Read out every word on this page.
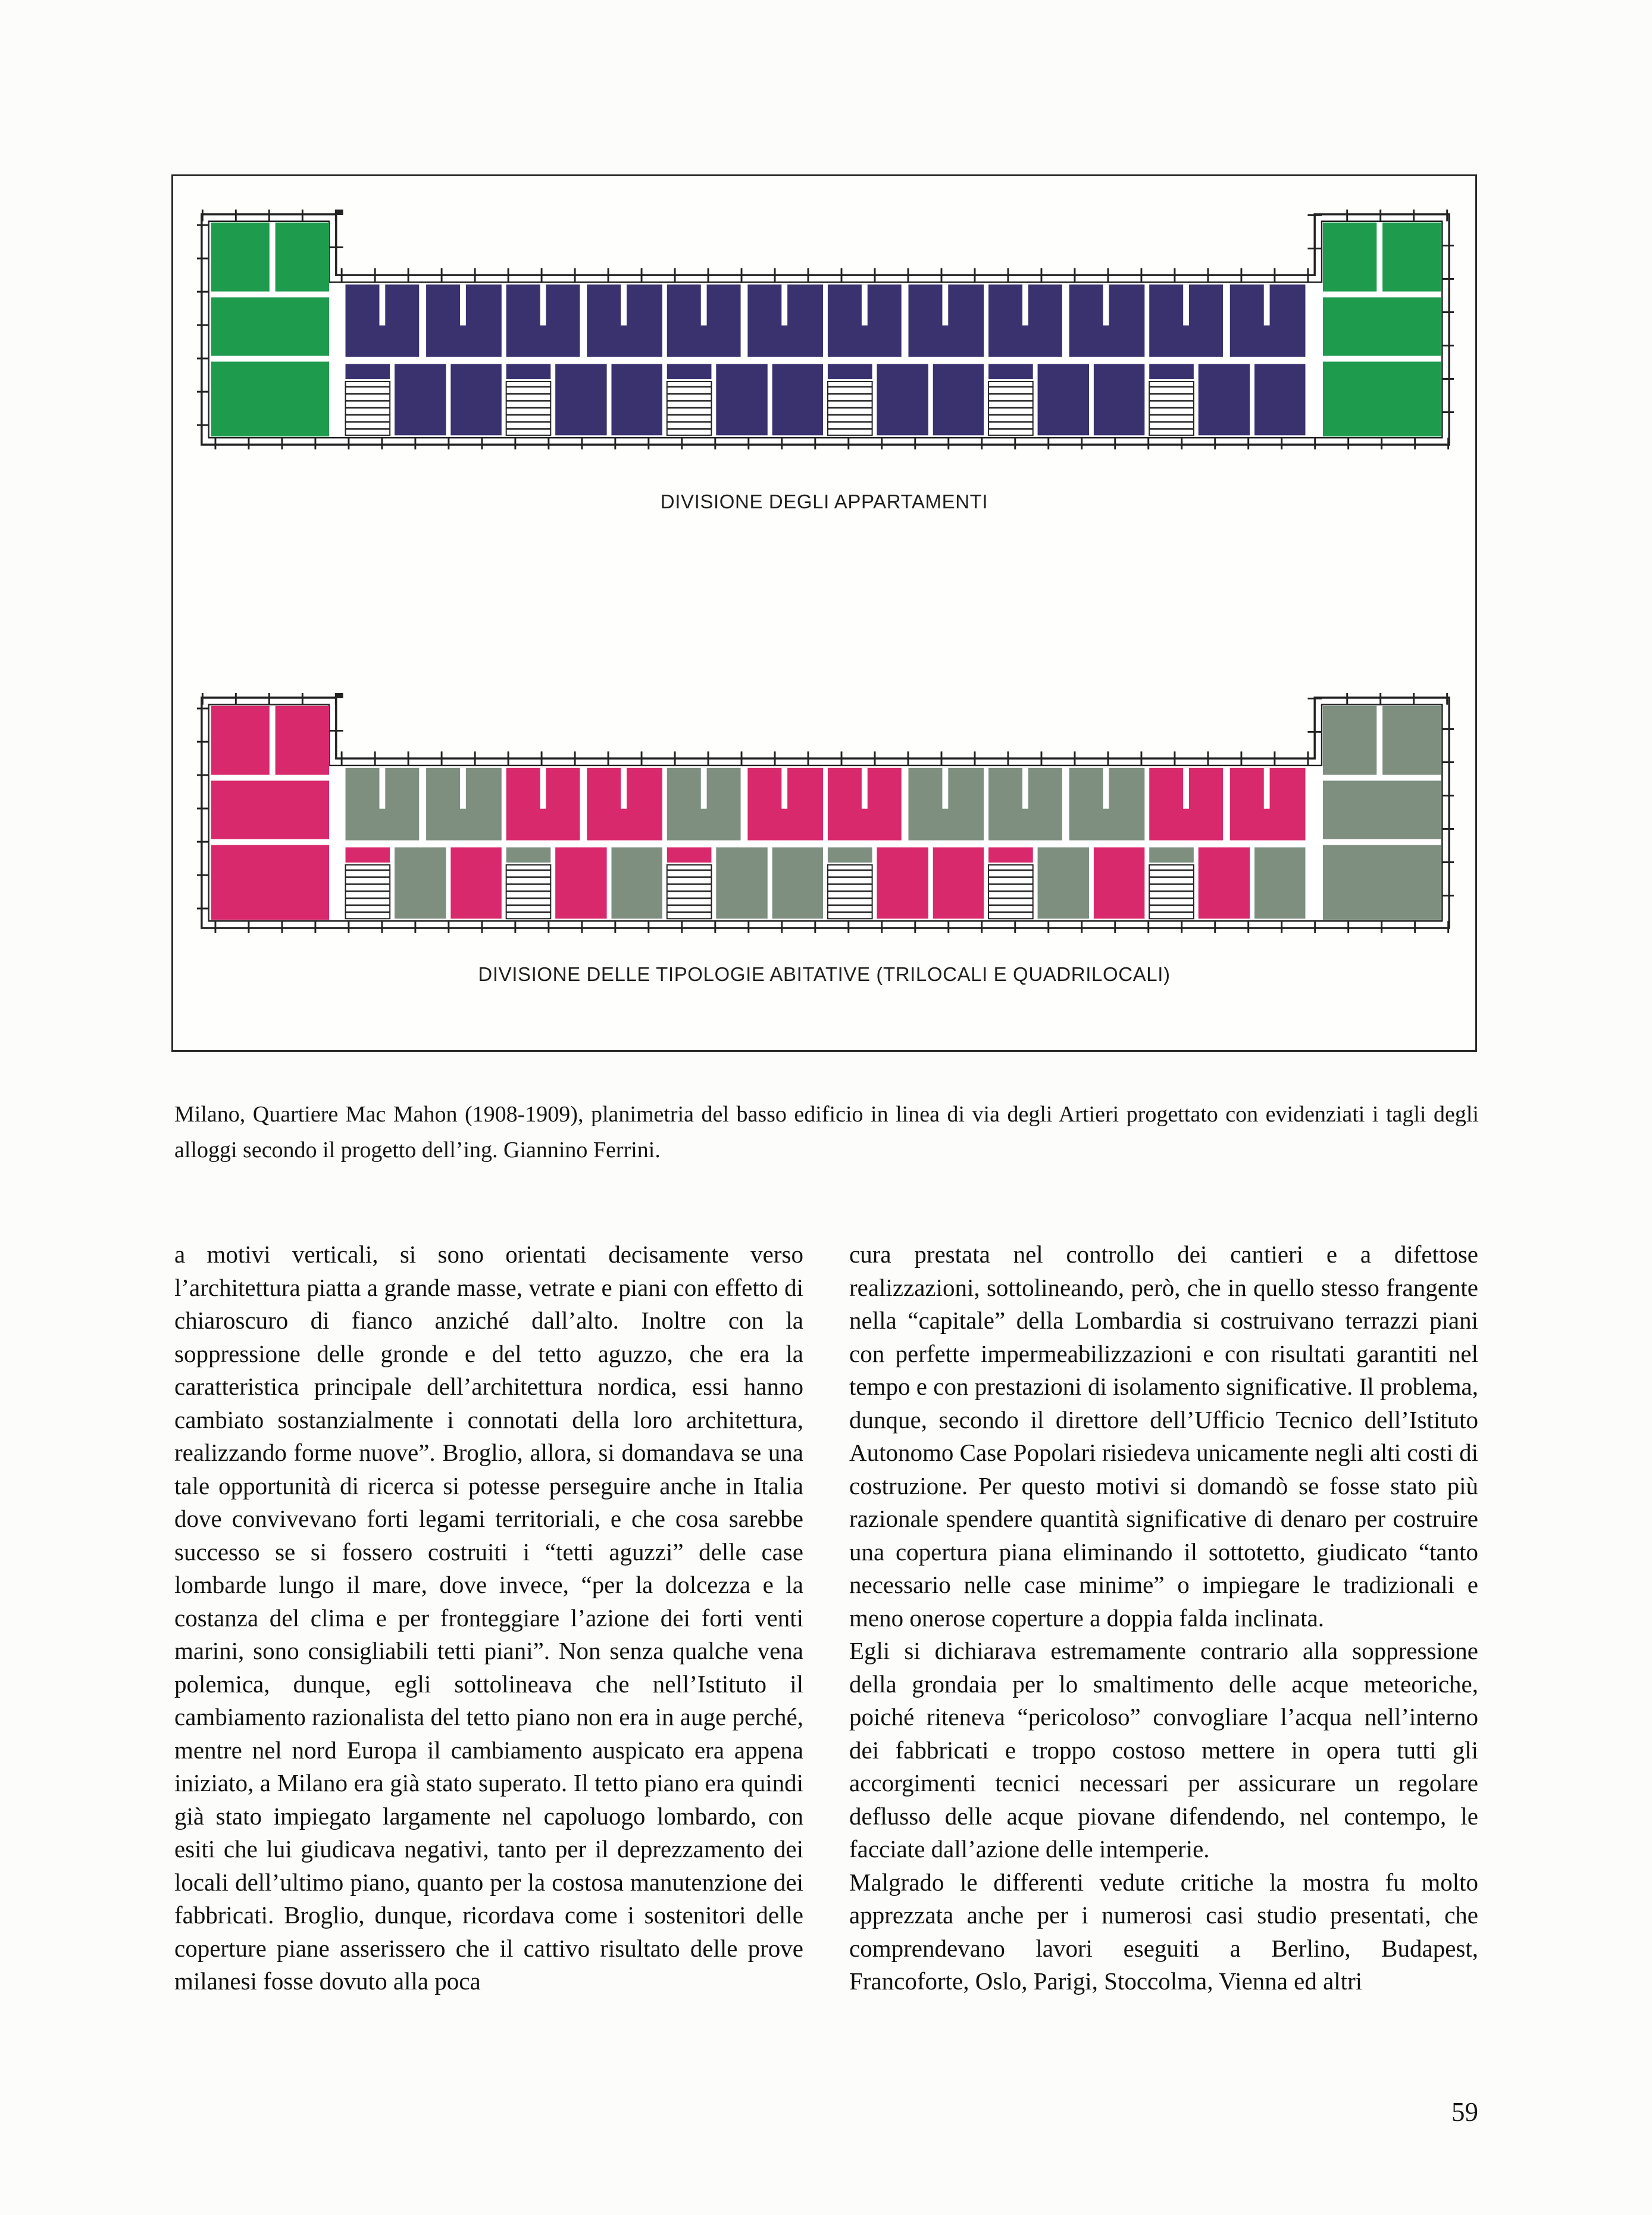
DIVISIONE DEGLI APPARTAMENTI
DIVISIONE DELLE TIPOLOGIE ABITATIVE (TRILOCALI E QUADRILOCALI)
Milano, Quartiere Mac Mahon (1908-1909), planimetria del basso edificio in linea di via degli Artieri progettato con evidenziati i tagli degli alloggi secondo il progetto dell’ing. Giannino Ferrini.

a motivi verticali, si sono orientati decisamente verso l’architettura piatta a grande masse, vetrate e piani con effetto di chiaroscuro di fianco anziché dall’alto. Inoltre con la soppressione delle gronde e del tetto aguzzo, che era la caratteristica principale dell’architettura nordica, essi hanno cambiato sostanzialmente i connotati della loro architettura, realizzando forme nuove”. Broglio, allora, si domandava se una tale opportunità di ricerca si potesse perseguire anche in Italia dove convivevano forti legami territoriali, e che cosa sarebbe successo se si fossero costruiti i “tetti aguzzi” delle case lombarde lungo il mare, dove invece, “per la dolcezza e la costanza del clima e per fronteggiare l’azione dei forti venti marini, sono consigliabili tetti piani”. Non senza qualche vena polemica, dunque, egli sottolineava che nell’Istituto il cambiamento razionalista del tetto piano non era in auge perché, mentre nel nord Europa il cambiamento auspicato era appena iniziato, a Milano era già stato superato. Il tetto piano era quindi già stato impiegato largamente nel capoluogo lombardo, con esiti che lui giudicava negativi, tanto per il deprezzamento dei locali dell’ultimo piano, quanto per la costosa manutenzione dei fabbricati. Broglio, dunque, ricordava come i sostenitori delle coperture piane asserissero che il cattivo risultato delle prove milanesi fosse dovuto alla poca

cura prestata nel controllo dei cantieri e a difettose realizzazioni, sottolineando, però, che in quello stesso frangente nella “capitale” della Lombardia si costruivano terrazzi piani con perfette impermeabilizzazioni e con risultati garantiti nel tempo e con prestazioni di isolamento significative. Il problema, dunque, secondo il direttore dell’Ufficio Tecnico dell’Istituto Autonomo Case Popolari risiedeva unicamente negli alti costi di costruzione. Per questo motivi si domandò se fosse stato più razionale spendere quantità significative di denaro per costruire una copertura piana eliminando il sottotetto, giudicato “tanto necessario nelle case minime” o impiegare le tradizionali e meno onerose coperture a doppia falda inclinata.

Egli si dichiarava estremamente contrario alla soppressione della grondaia per lo smaltimento delle acque meteoriche, poiché riteneva “pericoloso” convogliare l’acqua nell’interno dei fabbricati e troppo costoso mettere in opera tutti gli accorgimenti tecnici necessari per assicurare un regolare deflusso delle acque piovane difendendo, nel contempo, le facciate dall’azione delle intemperie.

Malgrado le differenti vedute critiche la mostra fu molto apprezzata anche per i numerosi casi studio presentati, che comprendevano lavori eseguiti a Berlino, Budapest, Francoforte, Oslo, Parigi, Stoccolma, Vienna ed altri

59
